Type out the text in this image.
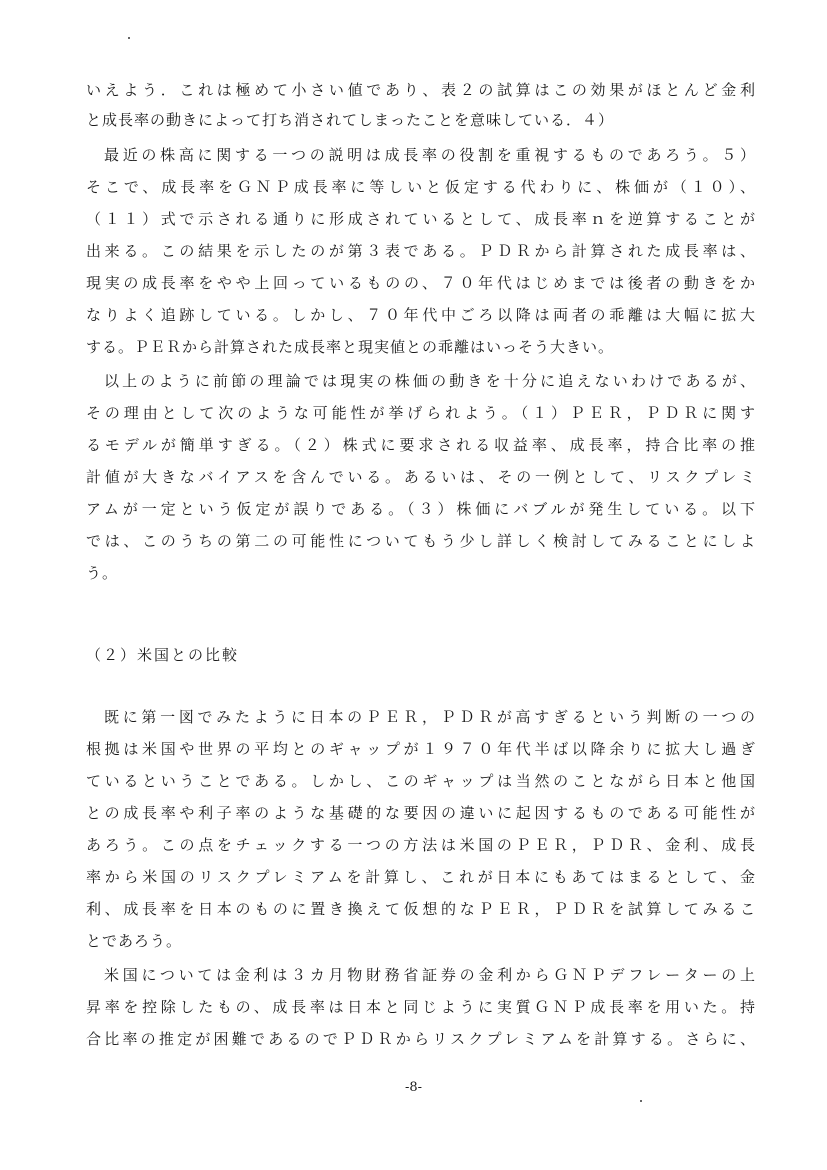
いえよう．これは極めて小さい値であり、表２の試算はこの効果がほとんど金利
と成長率の動きによって打ち消されてしまったことを意味している．４）
最近の株高に関する一つの説明は成長率の役割を重視するものであろう。５）
そこで、成長率をＧＮＰ成長率に等しいと仮定する代わりに、株価が（１０）、
（１１）式で示される通りに形成されているとして、成長率ｎを逆算することが
出来る。この結果を示したのが第３表である。ＰＤＲから計算された成長率は、
現実の成長率をやや上回っているものの、７０年代はじめまでは後者の動きをか
なりよく追跡している。しかし、７０年代中ごろ以降は両者の乖離は大幅に拡大
する。ＰＥＲから計算された成長率と現実値との乖離はいっそう大きい。
以上のように前節の理論では現実の株価の動きを十分に追えないわけであるが、
その理由として次のような可能性が挙げられよう。（１）ＰＥＲ，ＰＤＲに関す
るモデルが簡単すぎる。（２）株式に要求される収益率、成長率，持合比率の推
計値が大きなバイアスを含んでいる。あるいは、その一例として、リスクプレミ
アムが一定という仮定が誤りである。（３）株価にバブルが発生している。以下
では、このうちの第二の可能性についてもう少し詳しく検討してみることにしよ
う。
（２）米国との比較
既に第一図でみたように日本のＰＥＲ，ＰＤＲが高すぎるという判断の一つの
根拠は米国や世界の平均とのギャップが１９７０年代半ば以降余りに拡大し過ぎ
ているということである。しかし、このギャップは当然のことながら日本と他国
との成長率や利子率のような基礎的な要因の違いに起因するものである可能性が
あろう。この点をチェックする一つの方法は米国のＰＥＲ，ＰＤＲ、金利、成長
率から米国のリスクプレミアムを計算し、これが日本にもあてはまるとして、金
利、成長率を日本のものに置き換えて仮想的なＰＥＲ，ＰＤＲを試算してみるこ
とであろう。
米国については金利は３カ月物財務省証券の金利からＧＮＰデフレーターの上
昇率を控除したもの、成長率は日本と同じように実質ＧＮＰ成長率を用いた。持
合比率の推定が困難であるのでＰＤＲからリスクプレミアムを計算する。さらに、
-8-
